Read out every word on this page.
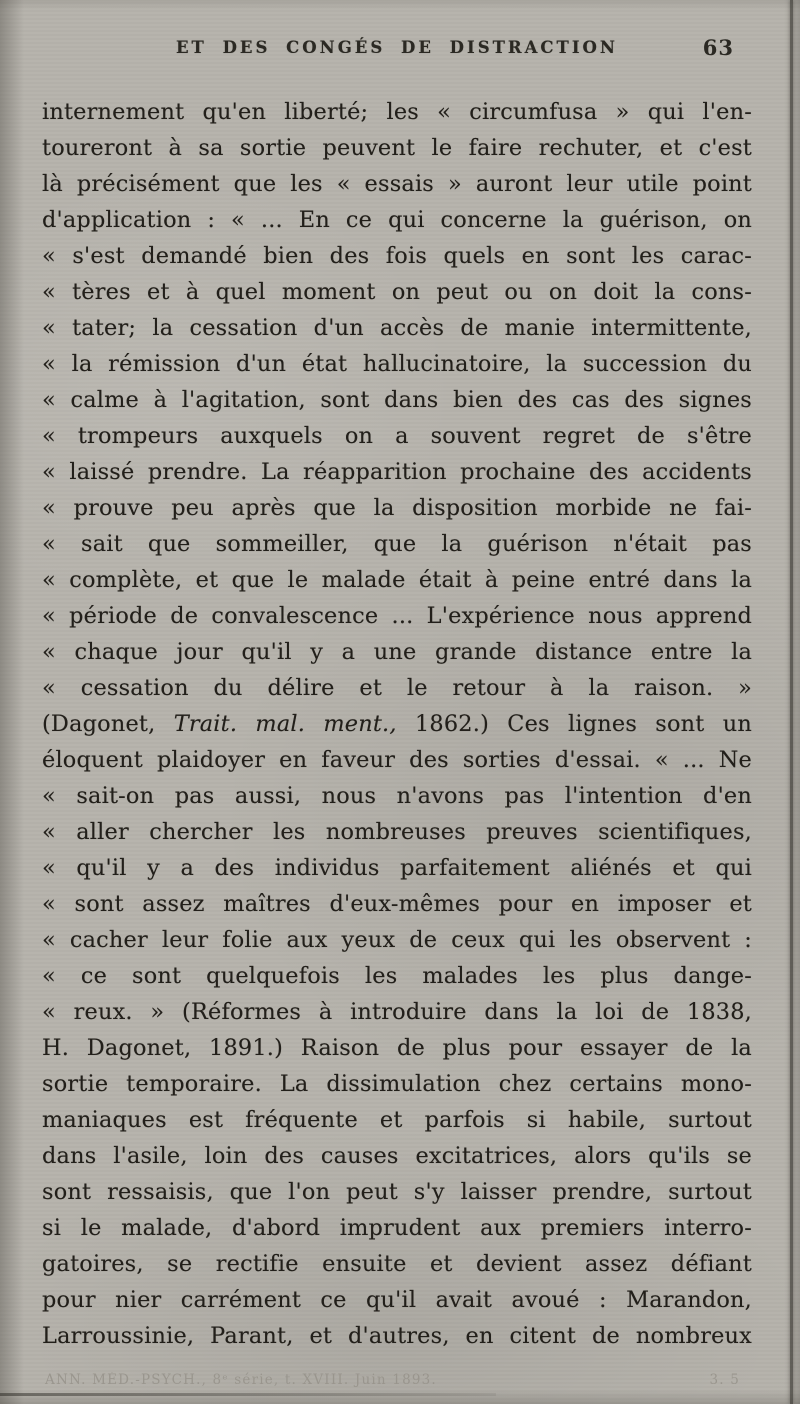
ET DES CONGÉS DE DISTRACTION	63
internement qu'en liberté; les « circumfusa » qui l'en-
toureront à sa sortie peuvent le faire rechuter, et c'est
là précisément que les « essais » auront leur utile point
d'application : « ... En ce qui concerne la guérison, on
« s'est demandé bien des fois quels en sont les carac-
« tères et à quel moment on peut ou on doit la cons-
« tater; la cessation d'un accès de manie intermittente,
« la rémission d'un état hallucinatoire, la succession du
« calme à l'agitation, sont dans bien des cas des signes
« trompeurs auxquels on a souvent regret de s'être
« laissé prendre. La réapparition prochaine des accidents
« prouve peu après que la disposition morbide ne fai-
« sait que sommeiller, que la guérison n'était pas
« complète, et que le malade était à peine entré dans la
« période de convalescence ... L'expérience nous apprend
« chaque jour qu'il y a une grande distance entre la
« cessation du délire et le retour à la raison. »
(Dagonet, Trait. mal. ment., 1862.) Ces lignes sont un
éloquent plaidoyer en faveur des sorties d'essai. « ... Ne
« sait-on pas aussi, nous n'avons pas l'intention d'en
« aller chercher les nombreuses preuves scientifiques,
« qu'il y a des individus parfaitement aliénés et qui
« sont assez maîtres d'eux-mêmes pour en imposer et
« cacher leur folie aux yeux de ceux qui les observent :
« ce sont quelquefois les malades les plus dange-
« reux. » (Réformes à introduire dans la loi de 1838,
H. Dagonet, 1891.) Raison de plus pour essayer de la
sortie temporaire. La dissimulation chez certains mono-
maniaques est fréquente et parfois si habile, surtout
dans l'asile, loin des causes excitatrices, alors qu'ils se
sont ressaisis, que l'on peut s'y laisser prendre, surtout
si le malade, d'abord imprudent aux premiers interro-
gatoires, se rectifie ensuite et devient assez défiant
pour nier carrément ce qu'il avait avoué : Marandon,
Larroussinie, Parant, et d'autres, en citent de nombreux
ANN. MÉD.-PSYCH., 8ᵉ série, t. XVIII. Juin 1893.	3. 5
